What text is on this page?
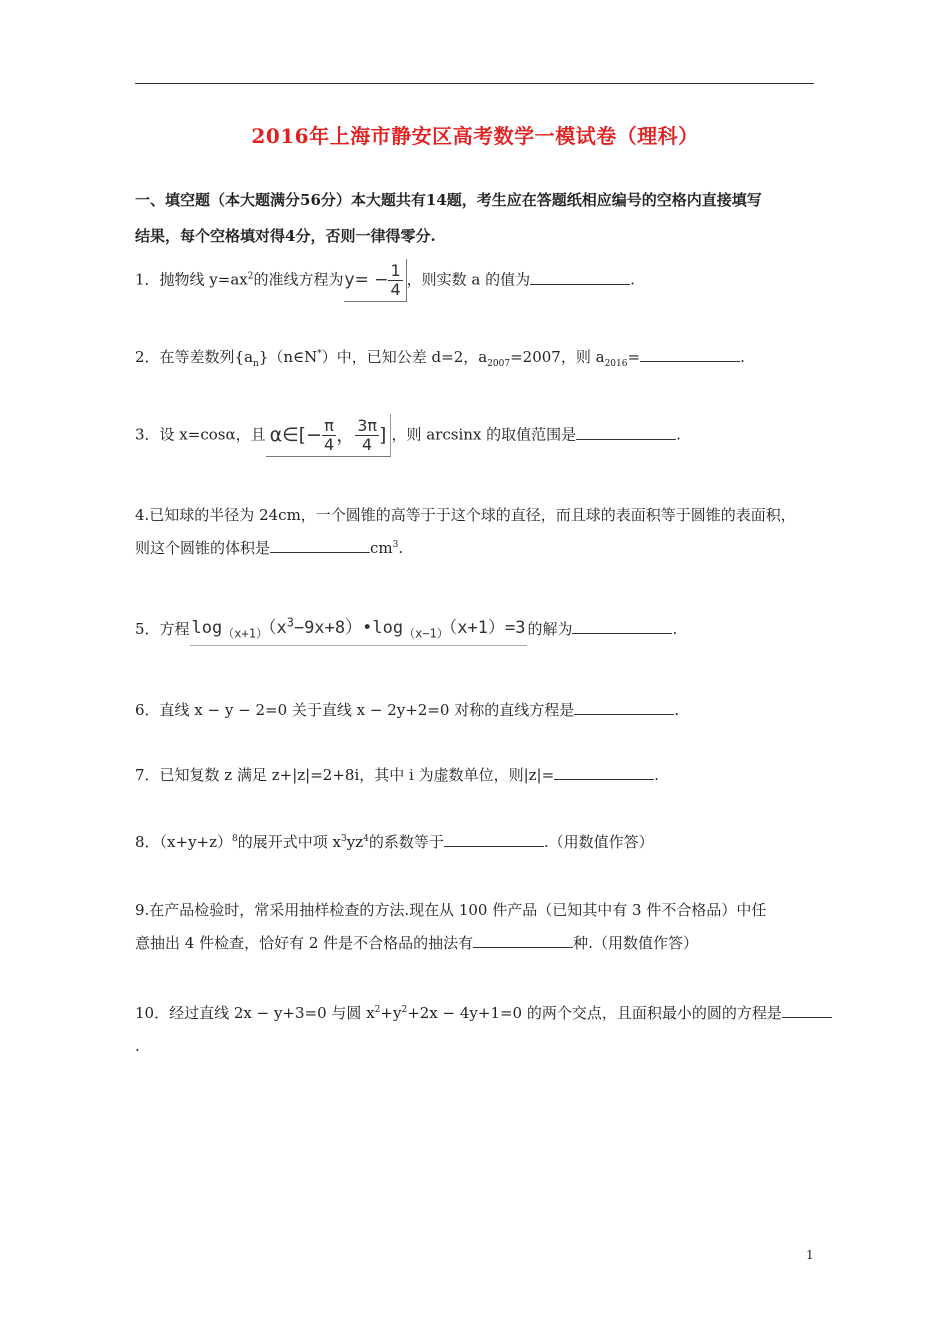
2016年上海市静安区高考数学一模试卷（理科）
一、填空题（本大题满分56分）本大题共有14题，考生应在答题纸相应编号的空格内直接填写
结果，每个空格填对得4分，否则一律得零分.
1．抛物线 $y=ax^2$的准线方程为$y= - \frac{1}{4}$ ，则实数 a 的值为	.
2．在等差数列$\{a_n\}(n\in N^*)$中，已知公差 d=2，$a_{2007}=2007$，则 $a_{2016}=$	.
3．设 x=cosα，且 α∈[− $\frac{\pi}{4}$ ， $\frac{3\pi}{4}$ ] ，则 arcsinx 的取值范围是	.
4.已知球的半径为 24cm，一个圆锥的高等于于这个球的直径，而且球的表面积等于圆锥的表面积，
则这个圆锥的体积是	$cm^3$.
5．方程 $\log_{(x+1)}(x^3-9x+8)•\log_{(x-1)}(x+1)=3$ 的解为	.
6．直线 x − y − 2=0 关于直线 x − 2y+2=0 对称的直线方程是	.
7．已知复数 z 满足 z+|z|=2+8i，其中 i 为虚数单位，则|z|=	.
8．$(x+y+z)^8$的展开式中项 $x^3yz^4$的系数等于	.（用数值作答）
9.在产品检验时，常采用抽样检查的方法.现在从 100 件产品（已知其中有 3 件不合格品）中任
意抽出 4 件检查，恰好有 2 件是不合格品的抽法有	种.（用数值作答）
10．经过直线 2x − y+3=0 与圆 $x^2+y^2+2x - 4y+1=0$ 的两个交点，且面积最小的圆的方程是
.
1
